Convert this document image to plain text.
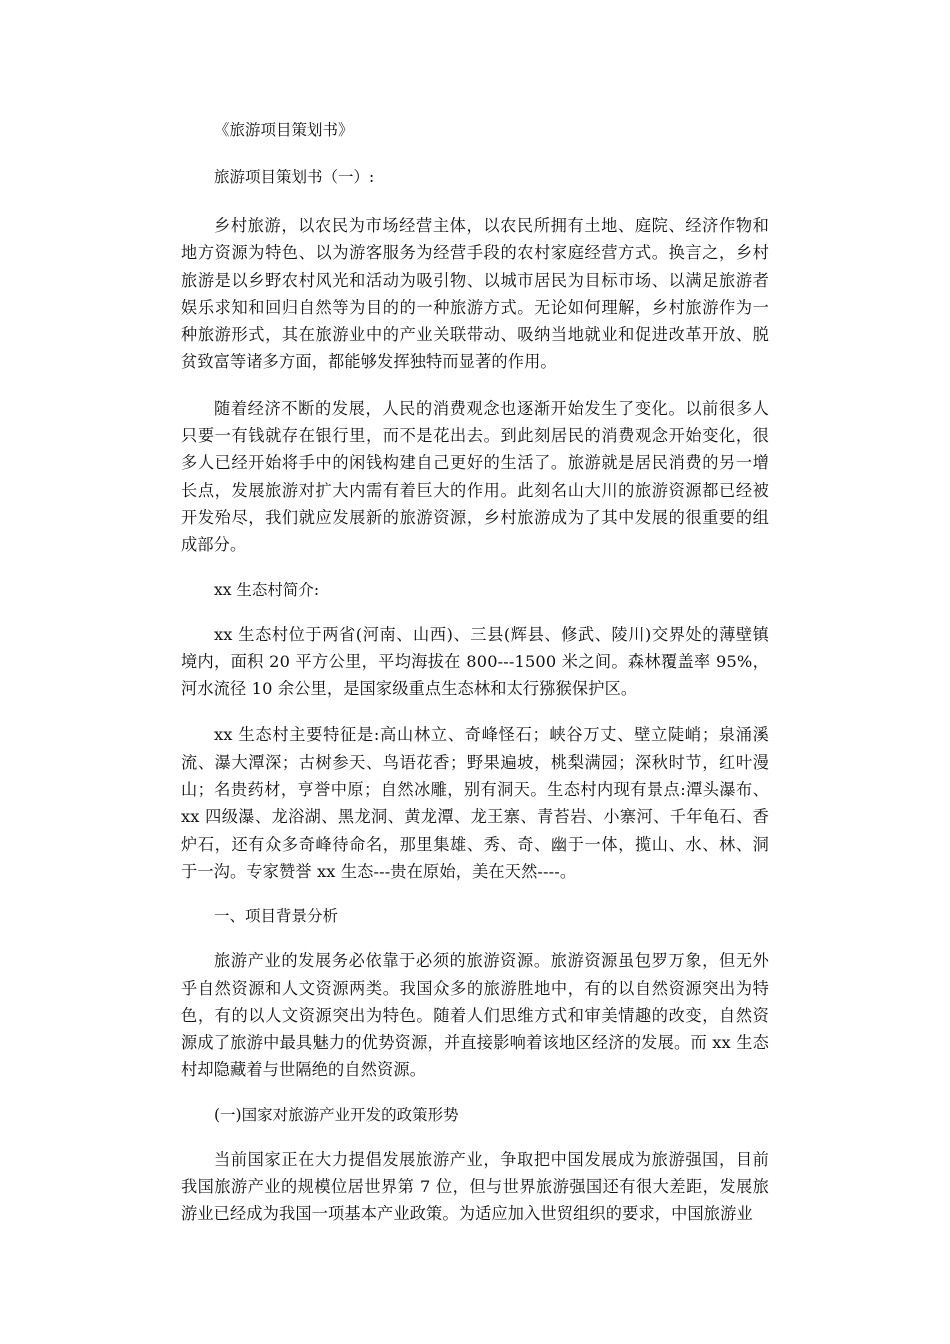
《旅游项目策划书》

旅游项目策划书（一）:

乡村旅游，以农民为市场经营主体，以农民所拥有土地、庭院、经济作物和地方资源为特色、以为游客服务为经营手段的农村家庭经营方式。换言之，乡村旅游是以乡野农村风光和活动为吸引物、以城市居民为目标市场、以满足旅游者娱乐求知和回归自然等为目的的一种旅游方式。无论如何理解，乡村旅游作为一种旅游形式，其在旅游业中的产业关联带动、吸纳当地就业和促进改革开放、脱贫致富等诸多方面，都能够发挥独特而显著的作用。

随着经济不断的发展，人民的消费观念也逐渐开始发生了变化。以前很多人只要一有钱就存在银行里，而不是花出去。到此刻居民的消费观念开始变化，很多人已经开始将手中的闲钱构建自己更好的生活了。旅游就是居民消费的另一增长点，发展旅游对扩大内需有着巨大的作用。此刻名山大川的旅游资源都已经被开发殆尽，我们就应发展新的旅游资源，乡村旅游成为了其中发展的很重要的组成部分。

xx 生态村简介:

xx 生态村位于两省(河南、山西)、三县(辉县、修武、陵川)交界处的薄壁镇境内，面积 20 平方公里，平均海拔在 800---1500 米之间。森林覆盖率 95%，河水流径 10 余公里，是国家级重点生态林和太行猕猴保护区。

xx 生态村主要特征是:高山林立、奇峰怪石；峡谷万丈、壁立陡峭；泉涌溪流、瀑大潭深；古树参天、鸟语花香；野果遍坡，桃梨满园；深秋时节，红叶漫山；名贵药材，亨誉中原；自然冰雕，别有洞天。生态村内现有景点:潭头瀑布、xx 四级瀑、龙浴湖、黑龙洞、黄龙潭、龙王寨、青苔岩、小寨河、千年龟石、香炉石，还有众多奇峰待命名，那里集雄、秀、奇、幽于一体，揽山、水、林、洞于一沟。专家赞誉 xx 生态---贵在原始，美在天然----。

一、项目背景分析

旅游产业的发展务必依靠于必须的旅游资源。旅游资源虽包罗万象，但无外乎自然资源和人文资源两类。我国众多的旅游胜地中，有的以自然资源突出为特色，有的以人文资源突出为特色。随着人们思维方式和审美情趣的改变，自然资源成了旅游中最具魅力的优势资源，并直接影响着该地区经济的发展。而 xx 生态村却隐藏着与世隔绝的自然资源。

(一)国家对旅游产业开发的政策形势

当前国家正在大力提倡发展旅游产业，争取把中国发展成为旅游强国，目前我国旅游产业的规模位居世界第 7 位，但与世界旅游强国还有很大差距，发展旅游业已经成为我国一项基本产业政策。为适应加入世贸组织的要求，中国旅游业
